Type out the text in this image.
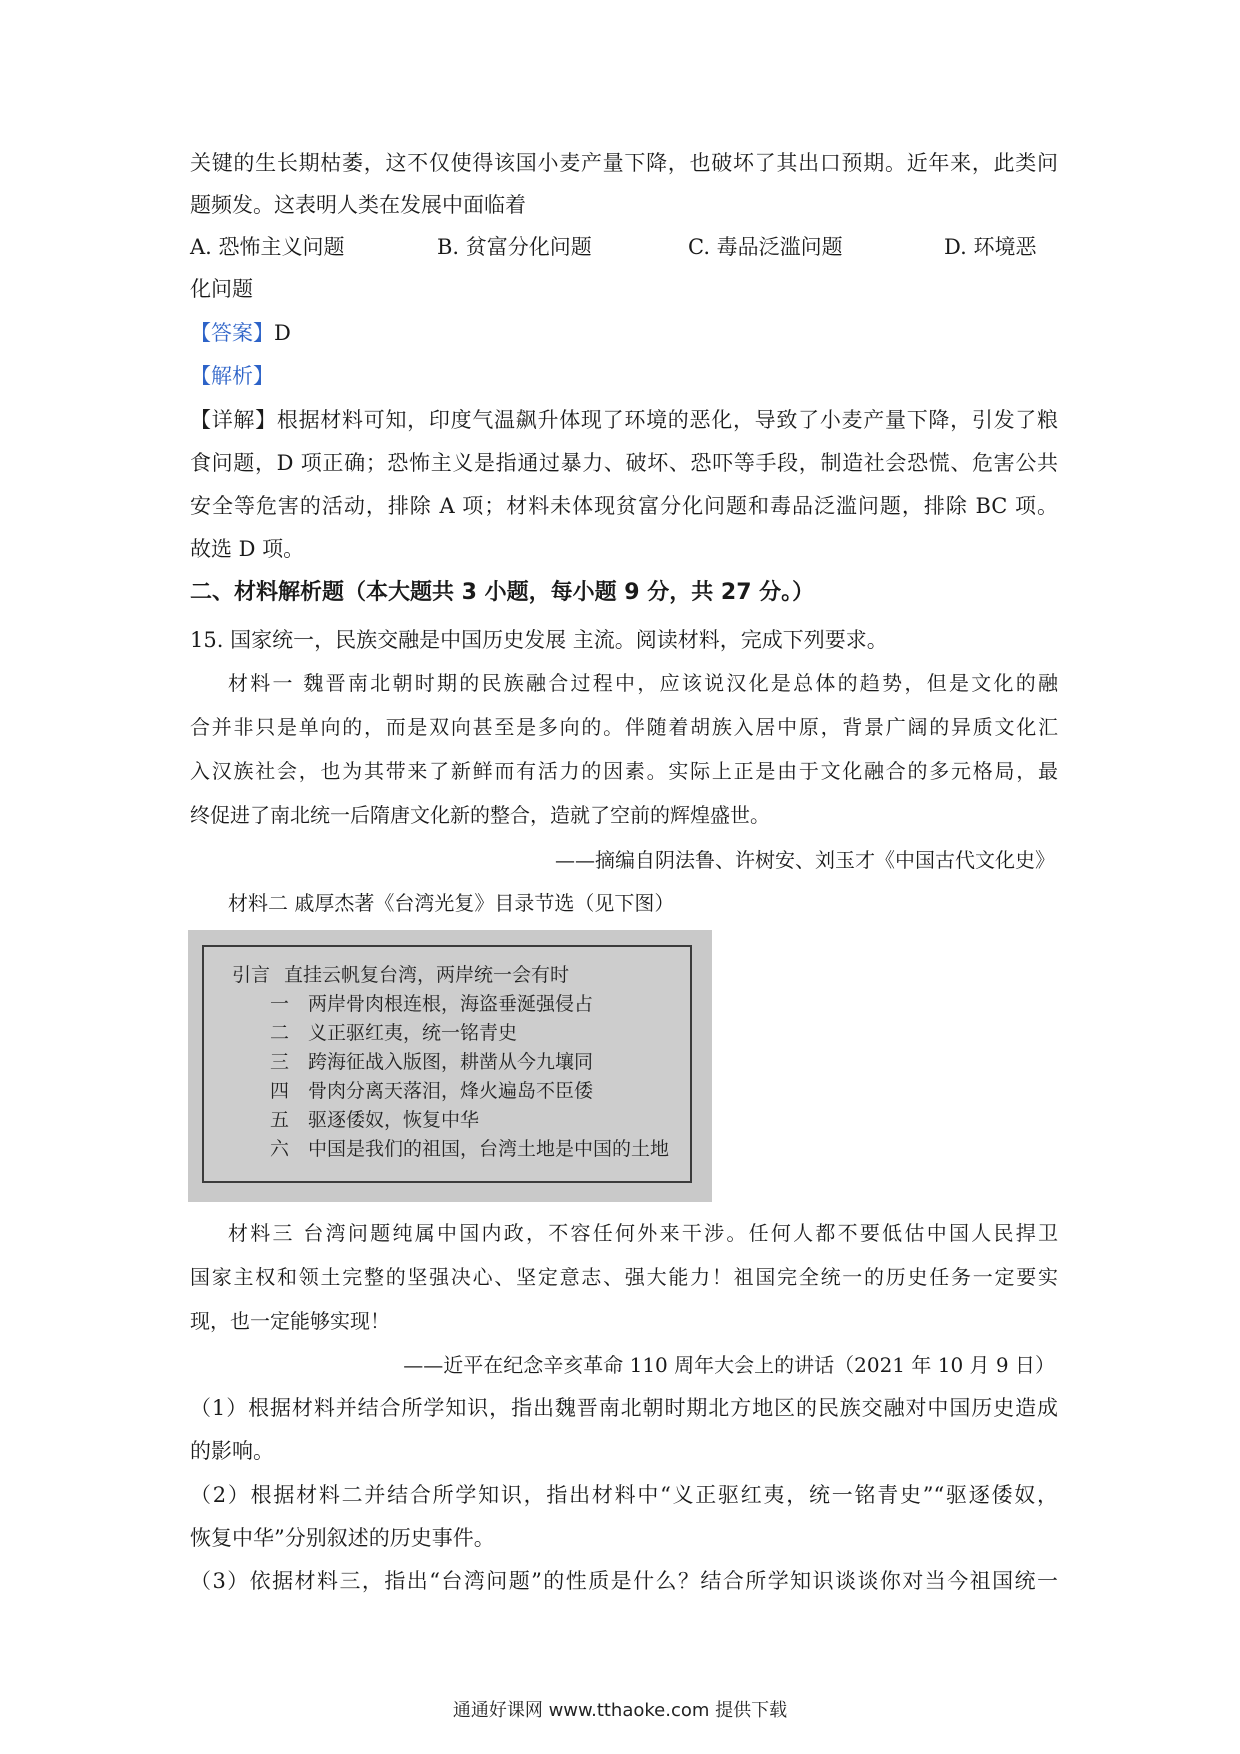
关键的生长期枯萎，这不仅使得该国小麦产量下降，也破坏了其出口预期。近年来，此类问
题频发。这表明人类在发展中面临着
A. 恐怖主义问题	B. 贫富分化问题	C. 毒品泛滥问题	D. 环境恶
化问题
【答案】D
【解析】
【详解】根据材料可知，印度气温飙升体现了环境的恶化，导致了小麦产量下降，引发了粮
食问题，D 项正确；恐怖主义是指通过暴力、破坏、恐吓等手段，制造社会恐慌、危害公共
安全等危害的活动，排除 A 项；材料未体现贫富分化问题和毒品泛滥问题，排除 BC 项。
故选 D 项。
二、材料解析题（本大题共 3 小题，每小题 9 分，共 27 分。）
15. 国家统一，民族交融是中国历史发展 主流。阅读材料，完成下列要求。
材料一 魏晋南北朝时期的民族融合过程中，应该说汉化是总体的趋势，但是文化的融
合并非只是单向的，而是双向甚至是多向的。伴随着胡族入居中原，背景广阔的异质文化汇
入汉族社会，也为其带来了新鲜而有活力的因素。实际上正是由于文化融合的多元格局，最
终促进了南北统一后隋唐文化新的整合，造就了空前的辉煌盛世。
——摘编自阴法鲁、许树安、刘玉才《中国古代文化史》
材料二 戚厚杰著《台湾光复》目录节选（见下图）
引言 直挂云帆复台湾，两岸统一会有时
一 两岸骨肉根连根，海盗垂涎强侵占
二 义正驱红夷，统一铭青史
三 跨海征战入版图，耕凿从今九壤同
四 骨肉分离天落泪，烽火遍岛不臣倭
五 驱逐倭奴，恢复中华
六 中国是我们的祖国，台湾土地是中国的土地
材料三 台湾问题纯属中国内政，不容任何外来干涉。任何人都不要低估中国人民捍卫
国家主权和领土完整的坚强决心、坚定意志、强大能力！祖国完全统一的历史任务一定要实
现，也一定能够实现！
——近平在纪念辛亥革命 110 周年大会上的讲话（2021 年 10 月 9 日）
（1）根据材料并结合所学知识，指出魏晋南北朝时期北方地区的民族交融对中国历史造成
的影响。
（2）根据材料二并结合所学知识，指出材料中“义正驱红夷，统一铭青史”“驱逐倭奴，
恢复中华”分别叙述的历史事件。
（3）依据材料三，指出“台湾问题”的性质是什么？结合所学知识谈谈你对当今祖国统一
通通好课网 www.tthaoke.com 提供下载
